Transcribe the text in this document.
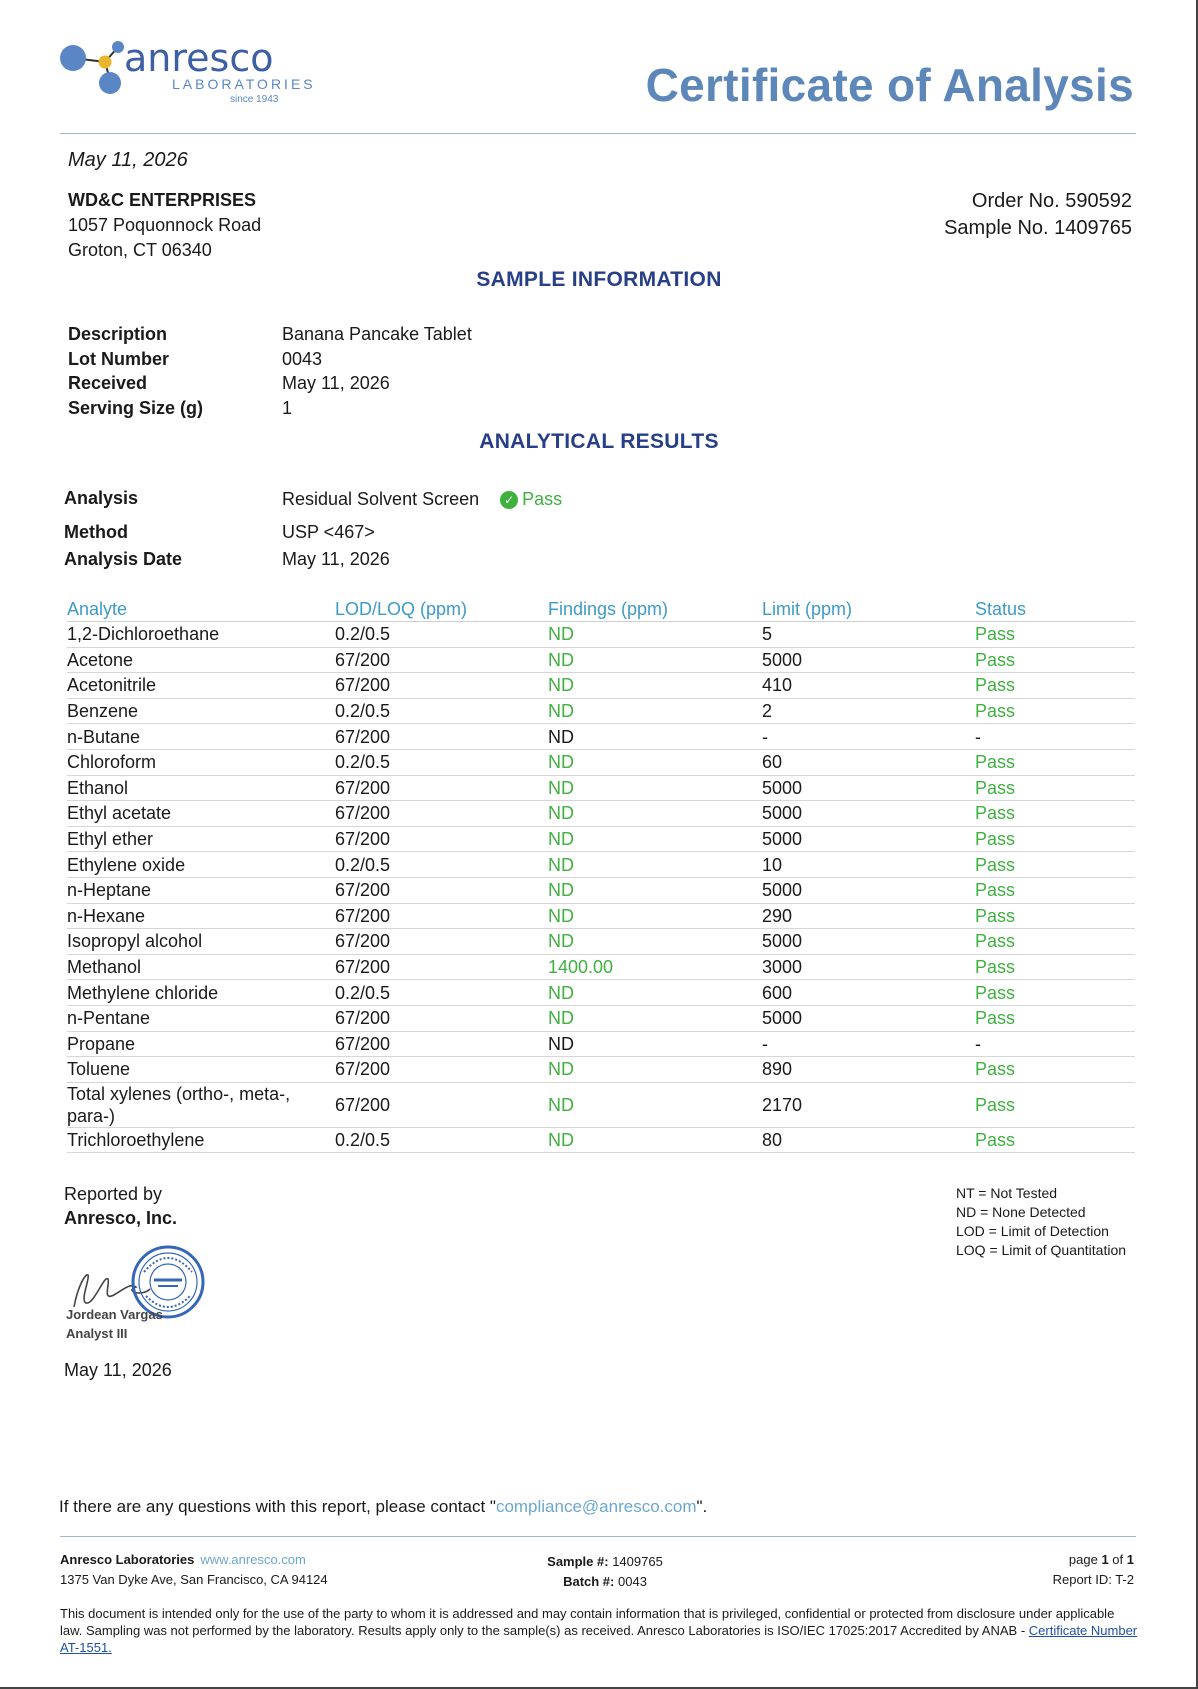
anresco
LABORATORIES
since 1943	Certificate of Analysis
May 11, 2026
WD&C ENTERPRISES
1057 Poquonnock Road
Groton, CT 06340
Order No. 590592
Sample No. 1409765
SAMPLE INFORMATION
Description	Banana Pancake Tablet
Lot Number	0043
Received	May 11, 2026
Serving Size (g)	1
ANALYTICAL RESULTS
Analysis	Residual Solvent Screen ✓ Pass
Method	USP <467>
Analysis Date	May 11, 2026
Analyte	LOD/LOQ (ppm)	Findings (ppm)	Limit (ppm)	Status
1,2-Dichloroethane	0.2/0.5	ND	5	Pass
Acetone	67/200	ND	5000	Pass
Acetonitrile	67/200	ND	410	Pass
Benzene	0.2/0.5	ND	2	Pass
n-Butane	67/200	ND	-	-
Chloroform	0.2/0.5	ND	60	Pass
Ethanol	67/200	ND	5000	Pass
Ethyl acetate	67/200	ND	5000	Pass
Ethyl ether	67/200	ND	5000	Pass
Ethylene oxide	0.2/0.5	ND	10	Pass
n-Heptane	67/200	ND	5000	Pass
n-Hexane	67/200	ND	290	Pass
Isopropyl alcohol	67/200	ND	5000	Pass
Methanol	67/200	1400.00	3000	Pass
Methylene chloride	0.2/0.5	ND	600	Pass
n-Pentane	67/200	ND	5000	Pass
Propane	67/200	ND	-	-
Toluene	67/200	ND	890	Pass
Total xylenes (ortho-, meta-, para-)	67/200	ND	2170	Pass
Trichloroethylene	0.2/0.5	ND	80	Pass
Reported by
Anresco, Inc.
Jordean Vargas
Analyst III
May 11, 2026
NT = Not Tested
ND = None Detected
LOD = Limit of Detection
LOQ = Limit of Quantitation
If there are any questions with this report, please contact "compliance@anresco.com".
Anresco Laboratories www.anresco.com
1375 Van Dyke Ave, San Francisco, CA 94124
Sample #: 1409765
Batch #: 0043
page 1 of 1
Report ID: T-2
This document is intended only for the use of the party to whom it is addressed and may contain information that is privileged, confidential or protected from disclosure under applicable law. Sampling was not performed by the laboratory. Results apply only to the sample(s) as received. Anresco Laboratories is ISO/IEC 17025:2017 Accredited by ANAB - Certificate Number AT-1551.
